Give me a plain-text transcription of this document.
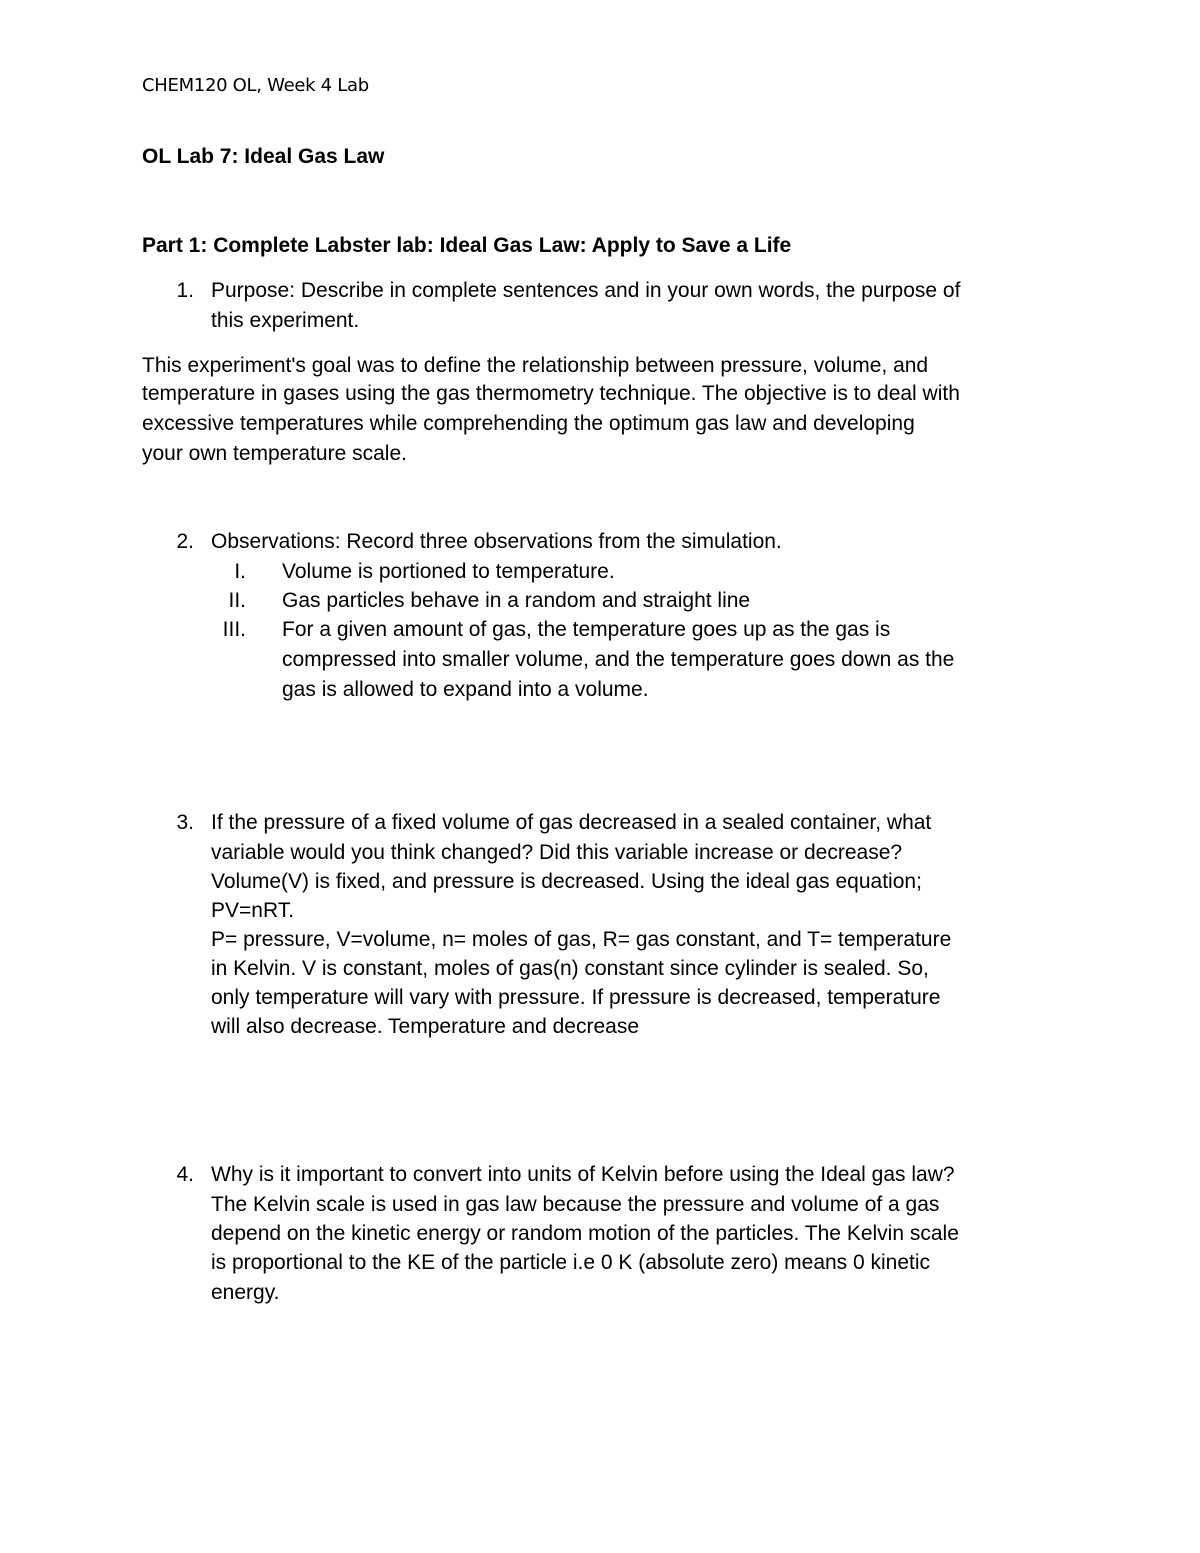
CHEM120 OL, Week 4 Lab
OL Lab 7: Ideal Gas Law
Part 1: Complete Labster lab: Ideal Gas Law: Apply to Save a Life
1. Purpose: Describe in complete sentences and in your own words, the purpose of
this experiment.
This experiment's goal was to define the relationship between pressure, volume, and
temperature in gases using the gas thermometry technique. The objective is to deal with
excessive temperatures while comprehending the optimum gas law and developing
your own temperature scale.
2. Observations: Record three observations from the simulation.
I. Volume is portioned to temperature.
II. Gas particles behave in a random and straight line
III. For a given amount of gas, the temperature goes up as the gas is
compressed into smaller volume, and the temperature goes down as the
gas is allowed to expand into a volume.
3. If the pressure of a fixed volume of gas decreased in a sealed container, what
variable would you think changed? Did this variable increase or decrease?
Volume(V) is fixed, and pressure is decreased. Using the ideal gas equation;
PV=nRT.
P= pressure, V=volume, n= moles of gas, R= gas constant, and T= temperature
in Kelvin. V is constant, moles of gas(n) constant since cylinder is sealed. So,
only temperature will vary with pressure. If pressure is decreased, temperature
will also decrease. Temperature and decrease
4. Why is it important to convert into units of Kelvin before using the Ideal gas law?
The Kelvin scale is used in gas law because the pressure and volume of a gas
depend on the kinetic energy or random motion of the particles. The Kelvin scale
is proportional to the KE of the particle i.e 0 K (absolute zero) means 0 kinetic
energy.
